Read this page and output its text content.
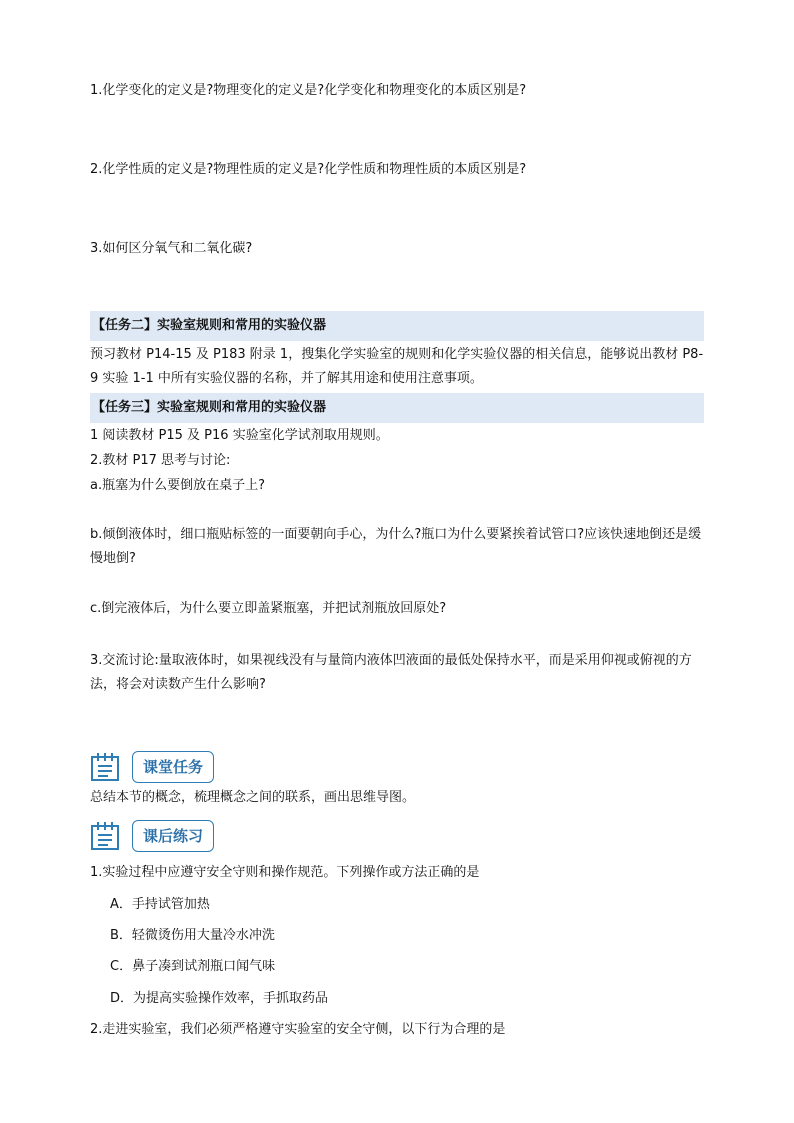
1.化学变化的定义是?物理变化的定义是?化学变化和物理变化的本质区别是?
2.化学性质的定义是?物理性质的定义是?化学性质和物理性质的本质区别是?
3.如何区分氧气和二氧化碳?
【任务二】实验室规则和常用的实验仪器
预习教材 P14-15 及 P183 附录 1，搜集化学实验室的规则和化学实验仪器的相关信息，能够说出教材 P8-9 实验 1-1 中所有实验仪器的名称，并了解其用途和使用注意事项。
【任务三】实验室规则和常用的实验仪器
1 阅读教材 P15 及 P16 实验室化学试剂取用规则。
2.教材 P17 思考与讨论:
a.瓶塞为什么要倒放在桌子上?
b.倾倒液体时，细口瓶贴标签的一面要朝向手心，为什么?瓶口为什么要紧挨着试管口?应该快速地倒还是缓慢地倒?
c.倒完液体后，为什么要立即盖紧瓶塞，并把试剂瓶放回原处?
3.交流讨论:量取液体时，如果视线没有与量筒内液体凹液面的最低处保持水平，而是采用仰视或俯视的方法，将会对读数产生什么影响?
课堂任务
总结本节的概念，梳理概念之间的联系，画出思维导图。
课后练习
1.实验过程中应遵守安全守则和操作规范。下列操作或方法正确的是
A．手持试管加热
B．轻微烫伤用大量冷水冲洗
C．鼻子凑到试剂瓶口闻气味
D．为提高实验操作效率，手抓取药品
2.走进实验室，我们必须严格遵守实验室的安全守侧，以下行为合理的是
